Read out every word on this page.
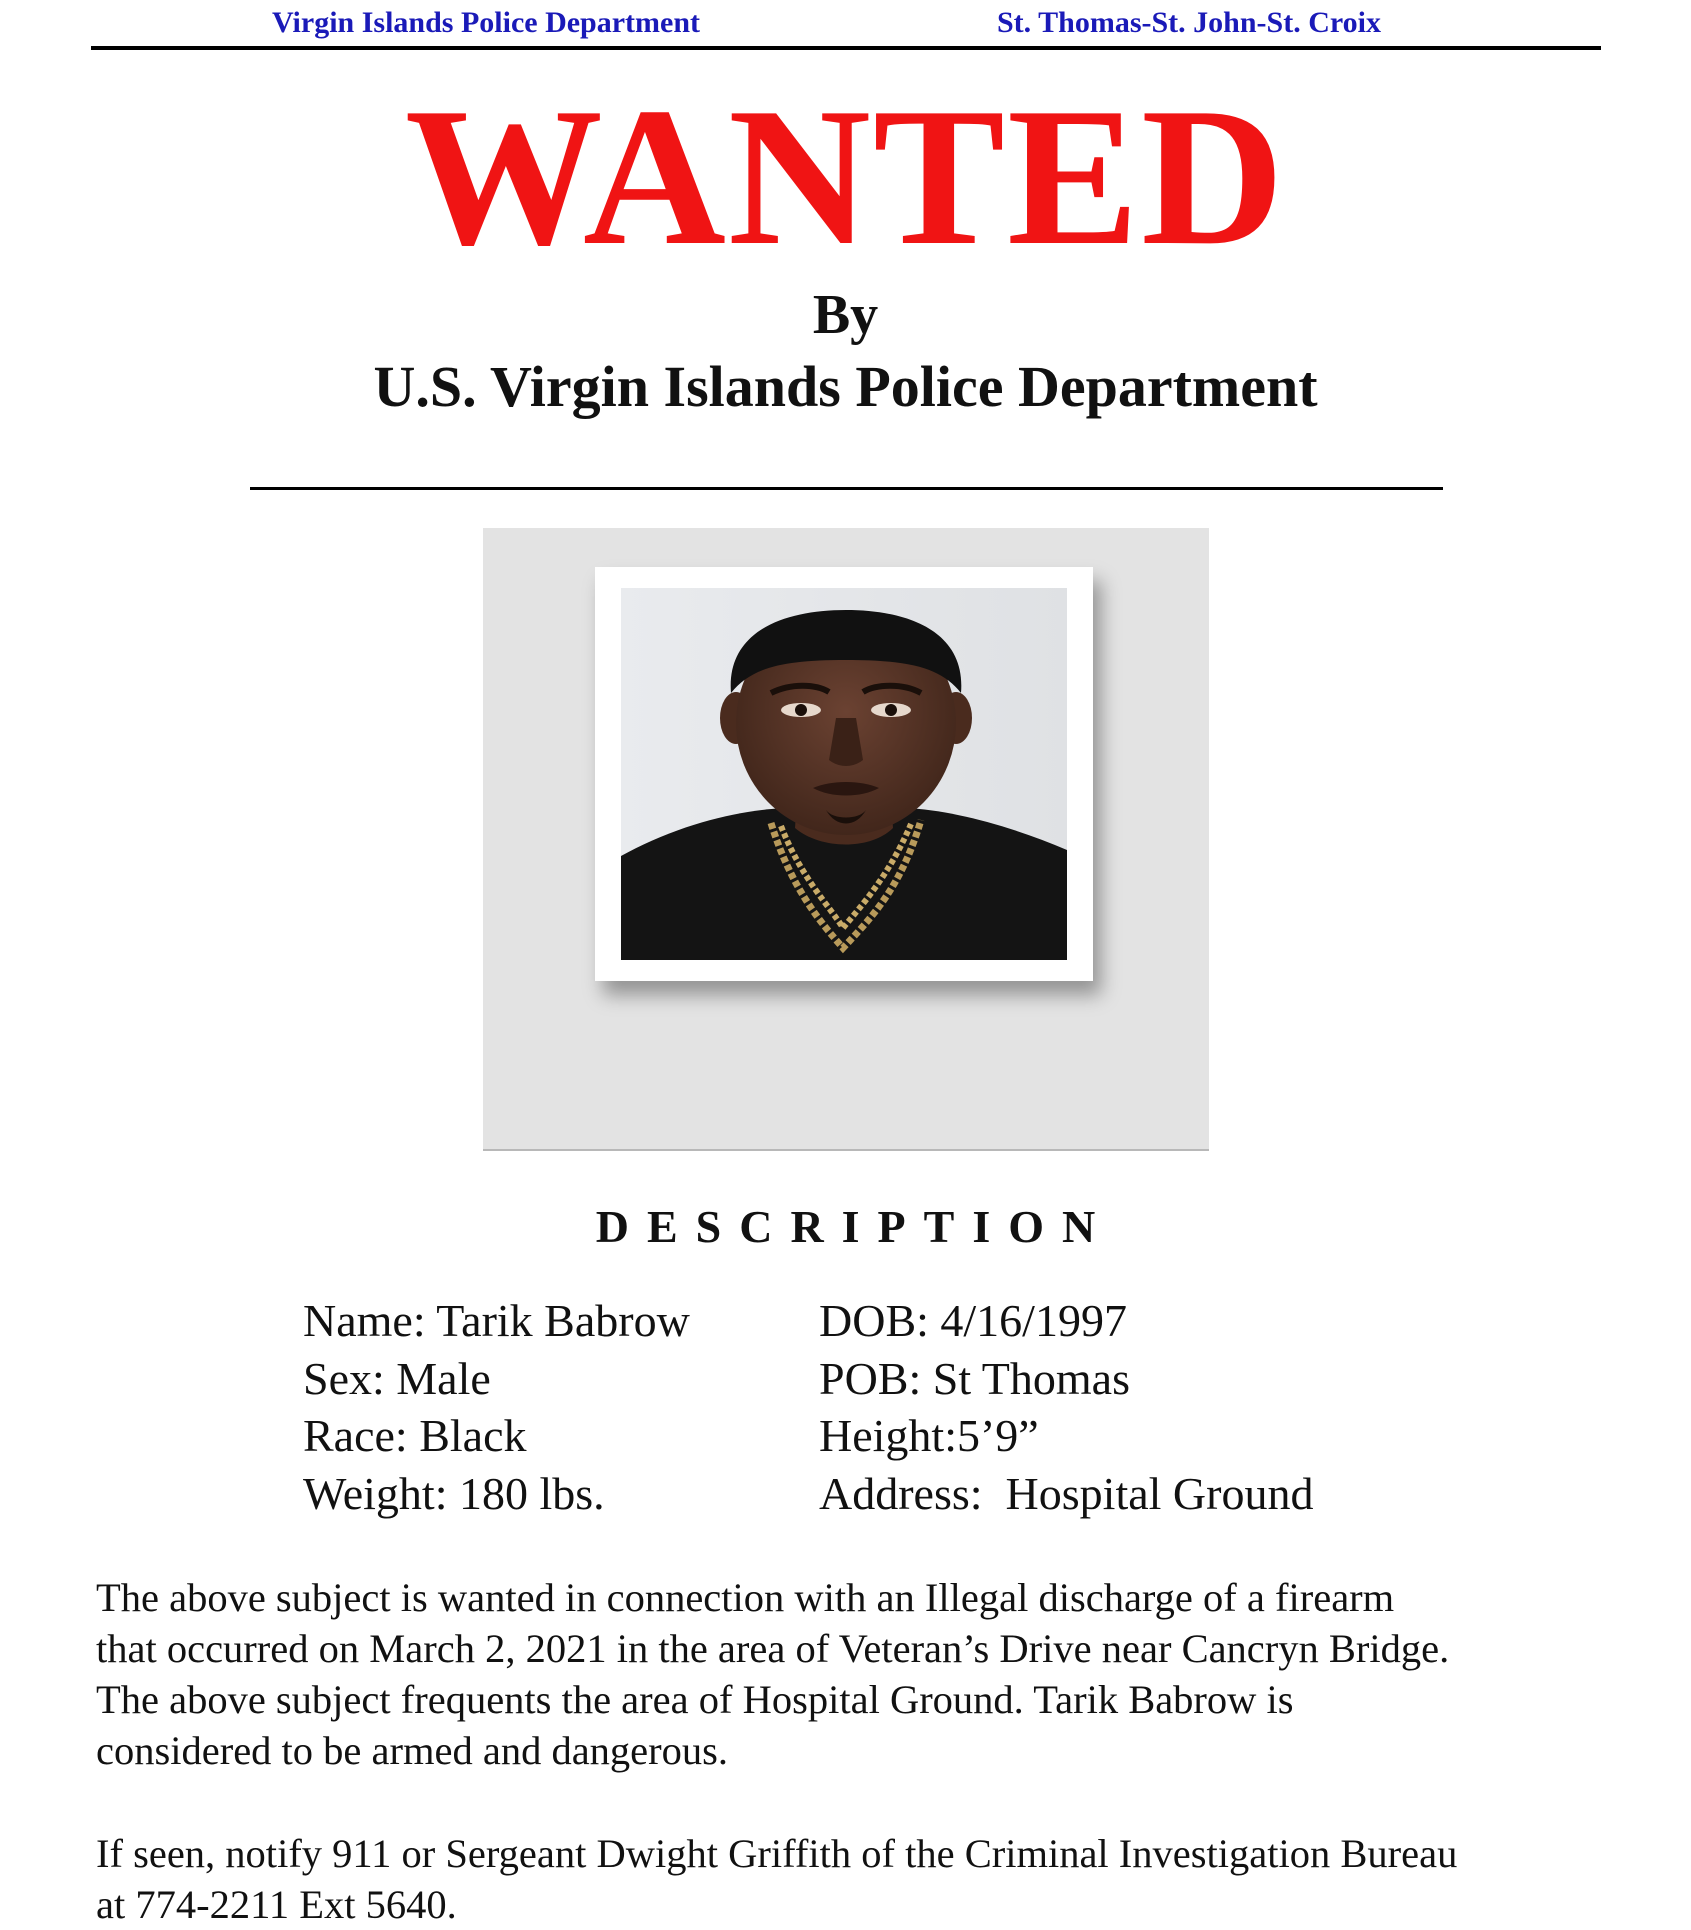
Virgin Islands Police Department	St. Thomas-St. John-St. Croix
WANTED
By
U.S. Virgin Islands Police Department
DESCRIPTION
Name: Tarik Babrow
Sex: Male
Race: Black
Weight: 180 lbs.
DOB: 4/16/1997
POB: St Thomas
Height:5’9”
Address:  Hospital Ground
The above subject is wanted in connection with an Illegal discharge of a firearm
that occurred on March 2, 2021 in the area of Veteran’s Drive near Cancryn Bridge.
The above subject frequents the area of Hospital Ground. Tarik Babrow is
considered to be armed and dangerous.
If seen, notify 911 or Sergeant Dwight Griffith of the Criminal Investigation Bureau
at 774-2211 Ext 5640.
